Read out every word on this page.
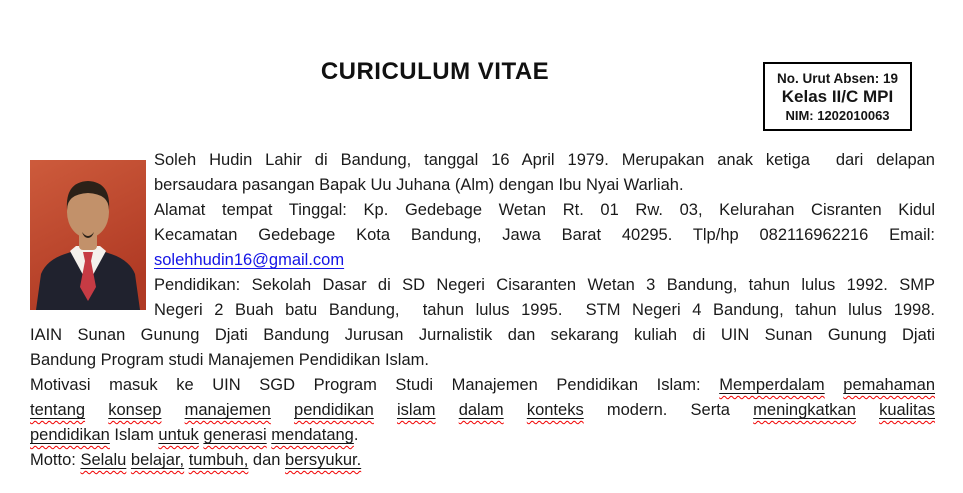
CURICULUM VITAE	No. Urut Absen: 19
Kelas II/C MPI
NIM: 1202010063
Soleh Hudin Lahir di Bandung, tanggal 16 April 1979. Merupakan anak ketiga  dari delapan
bersaudara pasangan Bapak Uu Juhana (Alm) dengan Ibu Nyai Warliah.
Alamat tempat Tinggal: Kp. Gedebage Wetan Rt. 01 Rw. 03, Kelurahan Cisranten Kidul
Kecamatan Gedebage Kota Bandung, Jawa Barat 40295. Tlp/hp 082116962216 Email:
solehhudin16@gmail.com
Pendidikan: Sekolah Dasar di SD Negeri Cisaranten Wetan 3 Bandung, tahun lulus 1992. SMP
Negeri 2 Buah batu Bandung,  tahun lulus 1995.  STM Negeri 4 Bandung, tahun lulus 1998.
IAIN Sunan Gunung Djati Bandung Jurusan Jurnalistik dan sekarang kuliah di UIN Sunan Gunung Djati
Bandung Program studi Manajemen Pendidikan Islam.
Motivasi masuk ke UIN SGD Program Studi Manajemen Pendidikan Islam: Memperdalam pemahaman
tentang konsep manajemen pendidikan islam dalam konteks modern. Serta meningkatkan kualitas
pendidikan Islam untuk generasi mendatang.
Motto: Selalu belajar, tumbuh, dan bersyukur.
